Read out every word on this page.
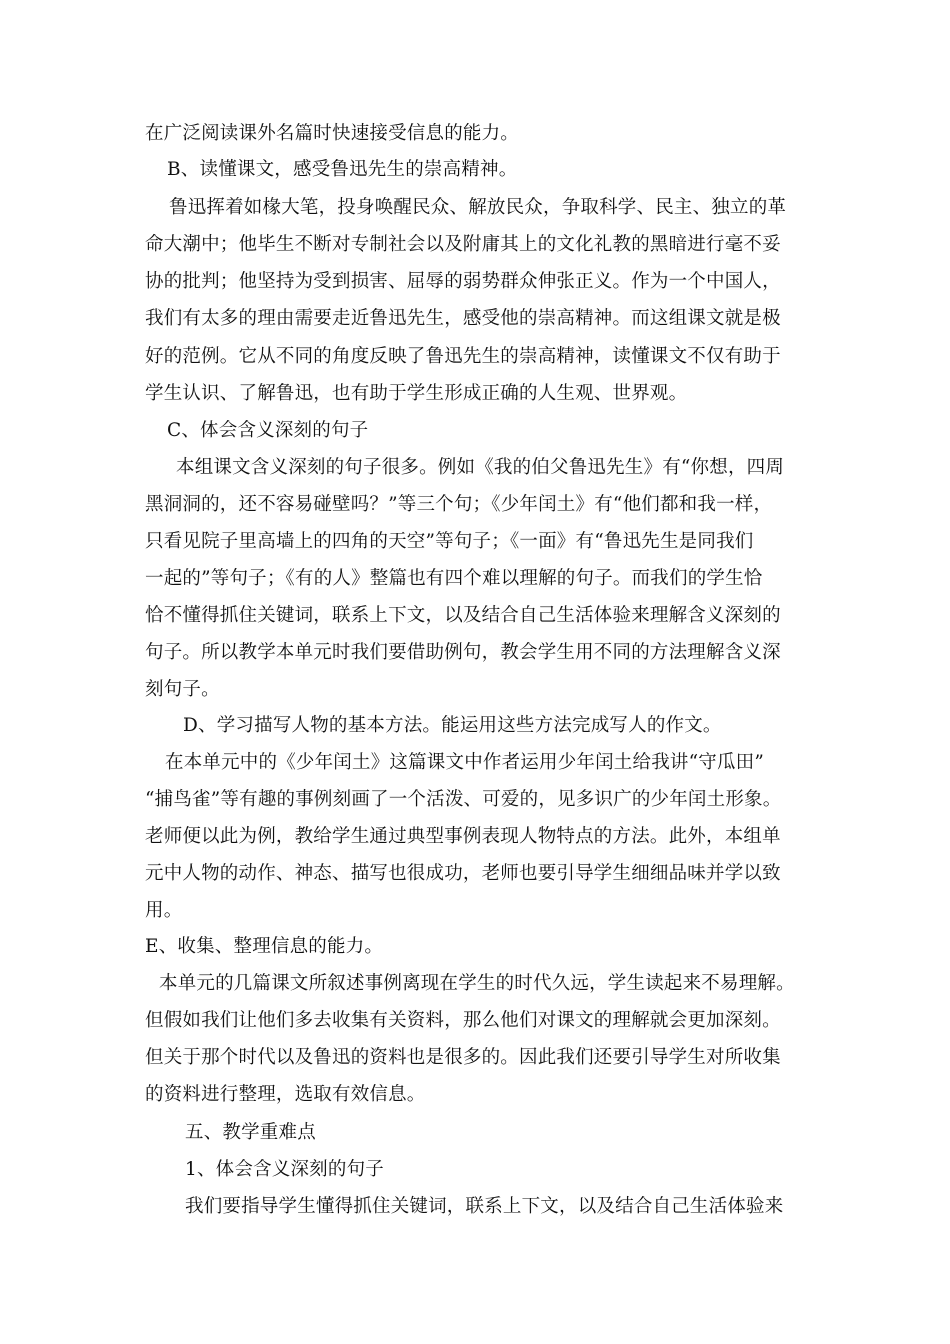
在广泛阅读课外名篇时快速接受信息的能力。
B、读懂课文，感受鲁迅先生的崇高精神。
鲁迅挥着如椽大笔，投身唤醒民众、解放民众，争取科学、民主、独立的革
命大潮中；他毕生不断对专制社会以及附庸其上的文化礼教的黑暗进行毫不妥
协的批判；他坚持为受到损害、屈辱的弱势群众伸张正义。作为一个中国人，
我们有太多的理由需要走近鲁迅先生，感受他的崇高精神。而这组课文就是极
好的范例。它从不同的角度反映了鲁迅先生的崇高精神，读懂课文不仅有助于
学生认识、了解鲁迅，也有助于学生形成正确的人生观、世界观。
C、体会含义深刻的句子
本组课文含义深刻的句子很多。例如《我的伯父鲁迅先生》有“你想，四周
黑洞洞的，还不容易碰壁吗？”等三个句；《少年闰土》有“他们都和我一样，
只看见院子里高墙上的四角的天空”等句子；《一面》有“鲁迅先生是同我们
一起的”等句子；《有的人》整篇也有四个难以理解的句子。而我们的学生恰
恰不懂得抓住关键词，联系上下文，以及结合自己生活体验来理解含义深刻的
句子。所以教学本单元时我们要借助例句，教会学生用不同的方法理解含义深
刻句子。
D、学习描写人物的基本方法。能运用这些方法完成写人的作文。
在本单元中的《少年闰土》这篇课文中作者运用少年闰土给我讲“守瓜田”
“捕鸟雀”等有趣的事例刻画了一个活泼、可爱的，见多识广的少年闰土形象。
老师便以此为例，教给学生通过典型事例表现人物特点的方法。此外，本组单
元中人物的动作、神态、描写也很成功，老师也要引导学生细细品味并学以致
用。
E、收集、整理信息的能力。
本单元的几篇课文所叙述事例离现在学生的时代久远，学生读起来不易理解。
但假如我们让他们多去收集有关资料，那么他们对课文的理解就会更加深刻。
但关于那个时代以及鲁迅的资料也是很多的。因此我们还要引导学生对所收集
的资料进行整理，选取有效信息。
五、教学重难点
1、体会含义深刻的句子
我们要指导学生懂得抓住关键词，联系上下文，以及结合自己生活体验来
